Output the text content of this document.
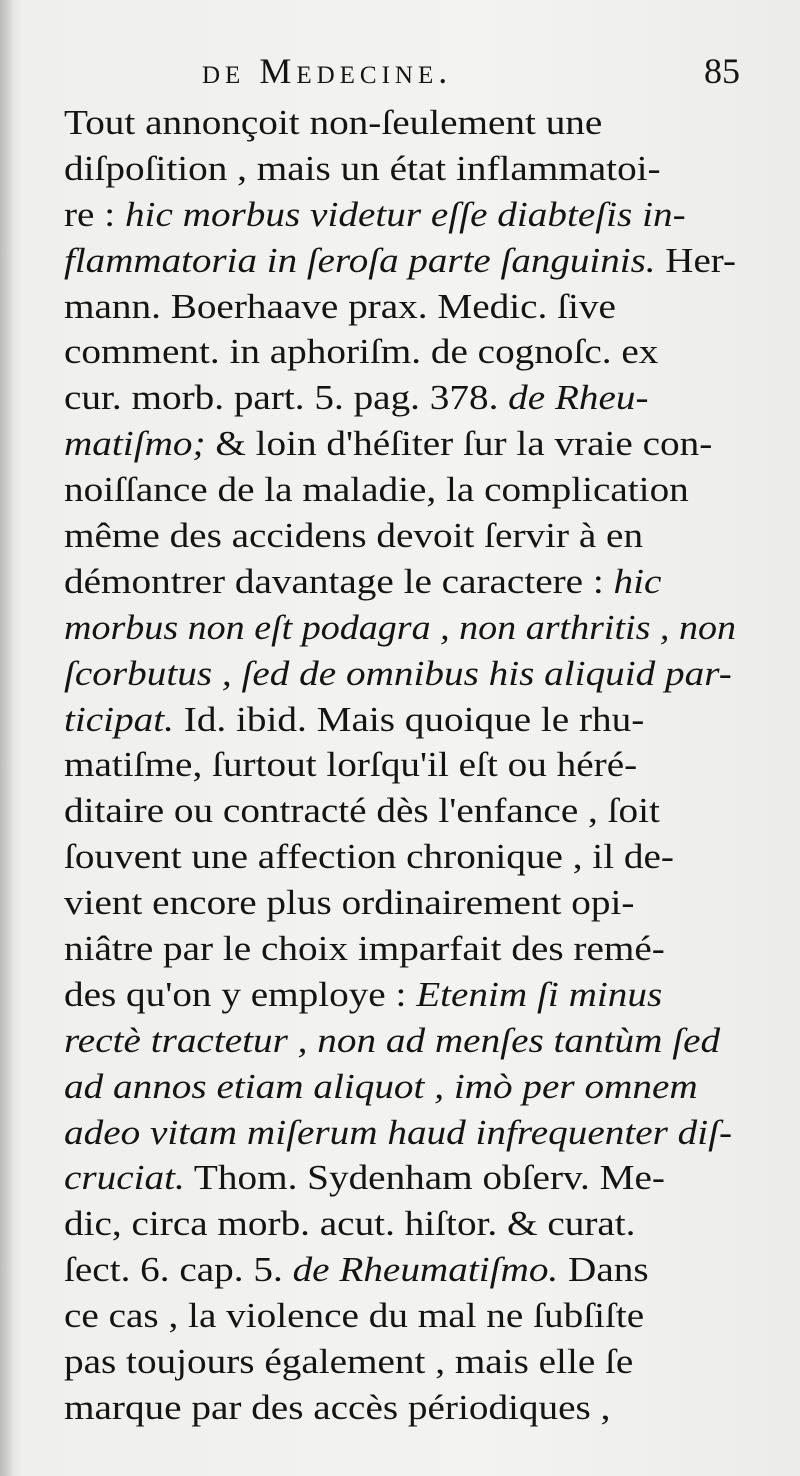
de Medecine.	85
Tout annonçoit non-ſeulement une
diſpoſition , mais un état inflammatoi-
re : hic morbus videtur eſſe diabteſis in-
flammatoria in ſeroſa parte ſanguinis. Her-
mann. Boerhaave prax. Medic. ſive
comment. in aphoriſm. de cognoſc. ex
cur. morb. part. 5. pag. 378. de Rheu-
matiſmo; & loin d'héſiter ſur la vraie con-
noiſſance de la maladie, la complication
même des accidens devoit ſervir à en
démontrer davantage le caractere : hic
morbus non eſt podagra , non arthritis , non
ſcorbutus , ſed de omnibus his aliquid par-
ticipat. Id. ibid. Mais quoique le rhu-
matiſme, ſurtout lorſqu'il eſt ou héré-
ditaire ou contracté dès l'enfance , ſoit
ſouvent une affection chronique , il de-
vient encore plus ordinairement opi-
niâtre par le choix imparfait des remé-
des qu'on y employe : Etenim ſi minus
rectè tractetur , non ad menſes tantùm ſed
ad annos etiam aliquot , imò per omnem
adeo vitam miſerum haud infrequenter diſ-
cruciat. Thom. Sydenham obſerv. Me-
dic, circa morb. acut. hiſtor. & curat.
ſect. 6. cap. 5. de Rheumatiſmo. Dans
ce cas , la violence du mal ne ſubſiſte
pas toujours également , mais elle ſe
marque par des accès périodiques ,
